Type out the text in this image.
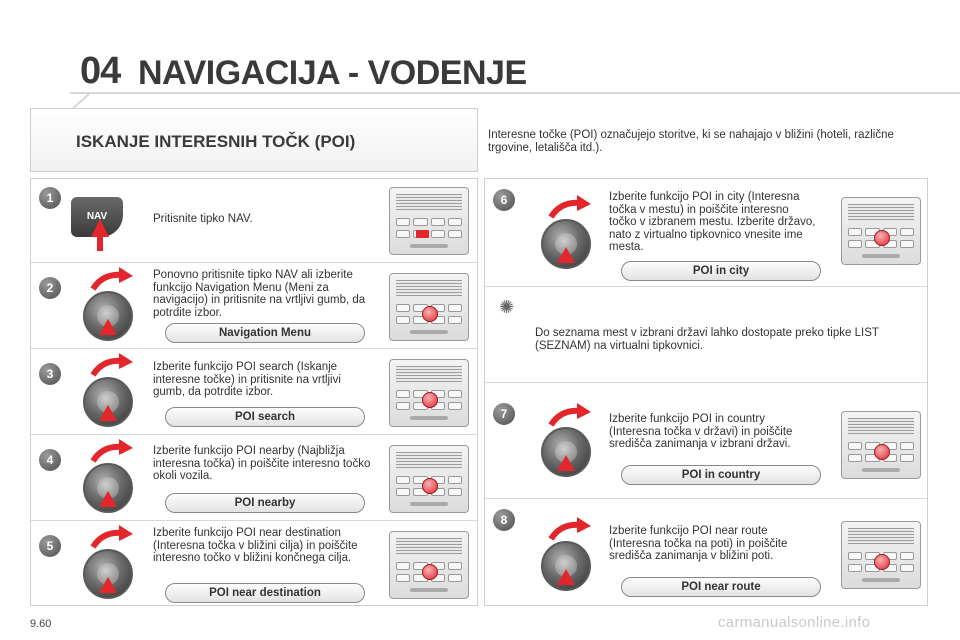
04 NAVIGACIJA - VODENJE
ISKANJE INTERESNIH TOČK (POI)	Interesne točke (POI) označujejo storitve, ki se nahajajo v bližini (hoteli, različne trgovine, letališča itd.).
1
NAV	Pritisnite tipko NAV.
2
Ponovno pritisnite tipko NAV ali izberite funkcijo Navigation Menu (Meni za navigacijo) in pritisnite na vrtljivi gumb, da potrdite izbor.
Navigation Menu
3	Izberite funkcijo POI search (Iskanje interesne točke) in pritisnite na vrtljivi gumb, da potrdite izbor.
POI search
4
Izberite funkcijo POI nearby (Najbližja interesna točka) in poiščite interesno točko okoli vozila.
POI nearby
5
Izberite funkcijo POI near destination (Interesna točka v bližini cilja) in poiščite interesno točko v bližini končnega cilja.
POI near destination
6	Izberite funkcijo POI in city (Interesna točka v mestu) in poiščite interesno točko v izbranem mestu. Izberite državo, nato z virtualno tipkovnico vnesite ime mesta.
POI in city
✺
Do seznama mest v izbrani državi lahko dostopate preko tipke LIST (SEZNAM) na virtualni tipkovnici.
7	Izberite funkcijo POI in country (Interesna točka v državi) in poiščite središča zanimanja v izbrani državi.
POI in country
8
Izberite funkcijo POI near route (Interesna točka na poti) in poiščite središča zanimanja v bližini poti.
POI near route
9.60	carmanualsonline.info
